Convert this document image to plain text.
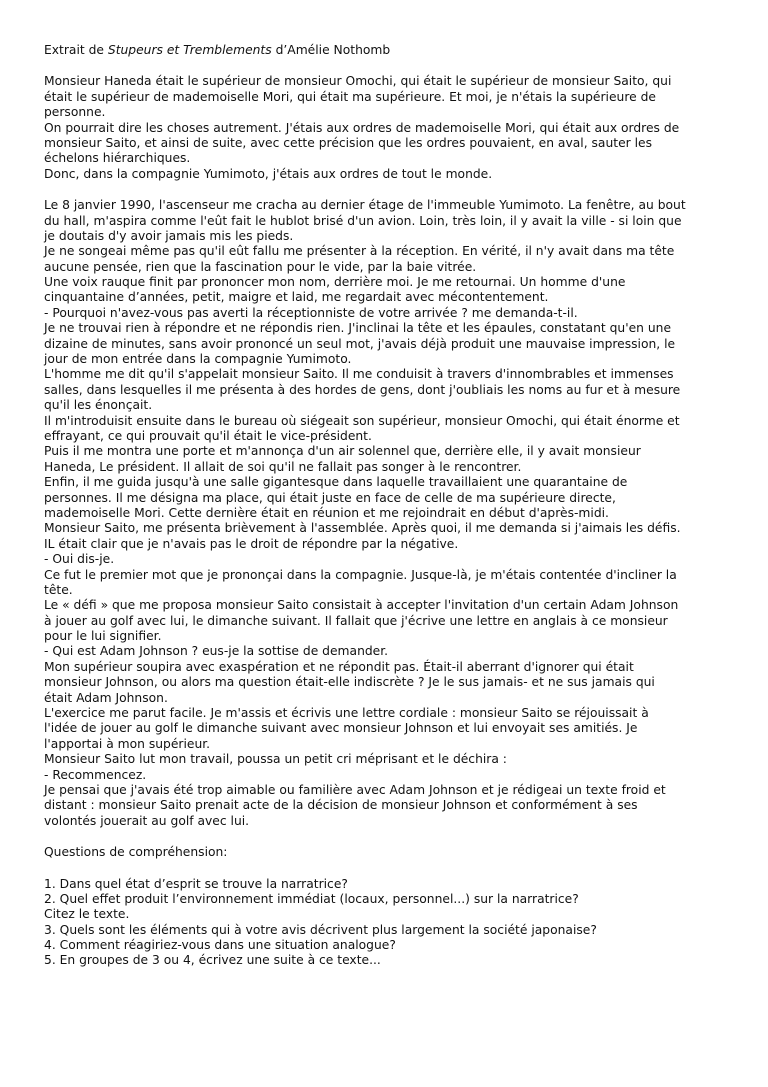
Extrait de Stupeurs et Tremblements d’Amélie Nothomb
Monsieur Haneda était le supérieur de monsieur Omochi, qui était le supérieur de monsieur Saito, qui
était le supérieur de mademoiselle Mori, qui était ma supérieure. Et moi, je n'étais la supérieure de
personne.
On pourrait dire les choses autrement. J'étais aux ordres de mademoiselle Mori, qui était aux ordres de
monsieur Saito, et ainsi de suite, avec cette précision que les ordres pouvaient, en aval, sauter les
échelons hiérarchiques.
Donc, dans la compagnie Yumimoto, j'étais aux ordres de tout le monde.
Le 8 janvier 1990, l'ascenseur me cracha au dernier étage de l'immeuble Yumimoto. La fenêtre, au bout
du hall, m'aspira comme l'eût fait le hublot brisé d'un avion. Loin, très loin, il y avait la ville - si loin que
je doutais d'y avoir jamais mis les pieds.
Je ne songeai même pas qu'il eût fallu me présenter à la réception. En vérité, il n'y avait dans ma tête
aucune pensée, rien que la fascination pour le vide, par la baie vitrée.
Une voix rauque finit par prononcer mon nom, derrière moi. Je me retournai. Un homme d'une
cinquantaine d’années, petit, maigre et laid, me regardait avec mécontentement.
- Pourquoi n'avez-vous pas averti la réceptionniste de votre arrivée ? me demanda-t-il.
Je ne trouvai rien à répondre et ne répondis rien. J'inclinai la tête et les épaules, constatant qu'en une
dizaine de minutes, sans avoir prononcé un seul mot, j'avais déjà produit une mauvaise impression, le
jour de mon entrée dans la compagnie Yumimoto.
L'homme me dit qu'il s'appelait monsieur Saito. Il me conduisit à travers d'innombrables et immenses
salles, dans lesquelles il me présenta à des hordes de gens, dont j'oubliais les noms au fur et à mesure
qu'il les énonçait.
Il m'introduisit ensuite dans le bureau où siégeait son supérieur, monsieur Omochi, qui était énorme et
effrayant, ce qui prouvait qu'il était le vice-président.
Puis il me montra une porte et m'annonça d'un air solennel que, derrière elle, il y avait monsieur
Haneda, Le président. Il allait de soi qu'il ne fallait pas songer à le rencontrer.
Enfin, il me guida jusqu'à une salle gigantesque dans laquelle travaillaient une quarantaine de
personnes. Il me désigna ma place, qui était juste en face de celle de ma supérieure directe,
mademoiselle Mori. Cette dernière était en réunion et me rejoindrait en début d'après-midi.
Monsieur Saito, me présenta brièvement à l'assemblée. Après quoi, il me demanda si j'aimais les défis.
IL était clair que je n'avais pas le droit de répondre par la négative.
- Oui dis-je.
Ce fut le premier mot que je prononçai dans la compagnie. Jusque-là, je m'étais contentée d'incliner la
tête.
Le « défi » que me proposa monsieur Saito consistait à accepter l'invitation d'un certain Adam Johnson
à jouer au golf avec lui, le dimanche suivant. Il fallait que j'écrive une lettre en anglais à ce monsieur
pour le lui signifier.
- Qui est Adam Johnson ? eus-je la sottise de demander.
Mon supérieur soupira avec exaspération et ne répondit pas. Était-il aberrant d'ignorer qui était
monsieur Johnson, ou alors ma question était-elle indiscrète ? Je le sus jamais- et ne sus jamais qui
était Adam Johnson.
L'exercice me parut facile. Je m'assis et écrivis une lettre cordiale : monsieur Saito se réjouissait à
l'idée de jouer au golf le dimanche suivant avec monsieur Johnson et lui envoyait ses amitiés. Je
l'apportai à mon supérieur.
Monsieur Saito lut mon travail, poussa un petit cri méprisant et le déchira :
- Recommencez.
Je pensai que j'avais été trop aimable ou familière avec Adam Johnson et je rédigeai un texte froid et
distant : monsieur Saito prenait acte de la décision de monsieur Johnson et conformément à ses
volontés jouerait au golf avec lui.
Questions de compréhension:
1. Dans quel état d’esprit se trouve la narratrice?
2. Quel effet produit l’environnement immédiat (locaux, personnel...) sur la narratrice?
Citez le texte.
3. Quels sont les éléments qui à votre avis décrivent plus largement la société japonaise?
4. Comment réagiriez-vous dans une situation analogue?
5. En groupes de 3 ou 4, écrivez une suite à ce texte...
